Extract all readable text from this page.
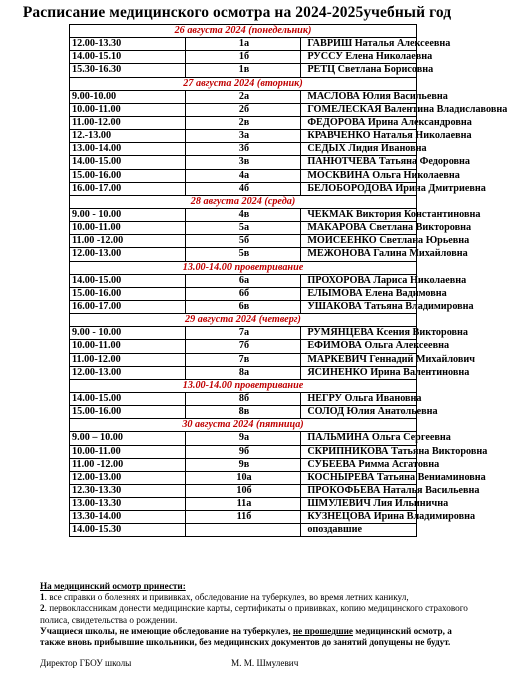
Расписание медицинского осмотра на 2024-2025учебный год
26 августа 2024 (понедельник)		
12.00-13.30	1а	ГАВРИШ Наталья Алексеевна
14.00-15.10	1б	РУССУ Елена Николаевна
15.30-16.30	1в	РЕТЦ Светлана Борисовна
27 августа 2024 (вторник)		
9.00-10.00	2а	МАСЛОВА Юлия Васильевна
10.00-11.00	2б	ГОМЕЛЕСКАЯ Валентина Владиславовна
11.00-12.00	2в	ФЕДОРОВА Ирина Александровна
12.-13.00	3а	КРАВЧЕНКО Наталья Николаевна
13.00-14.00	3б	СЕДЫХ Лидия Ивановна
14.00-15.00	3в	ПАНЮТЧЕВА Татьяна Федоровна
15.00-16.00	4а	МОСКВИНА Ольга Николаевна
16.00-17.00	4б	БЕЛОБОРОДОВА Ирина Дмитриевна
28 августа 2024 (среда)		
9.00 - 10.00	4в	ЧЕКМАК Виктория Константиновна
10.00-11.00	5а	МАКАРОВА Светлана Викторовна
11.00 -12.00	5б	МОИСЕЕНКО Светлана Юрьевна
12.00-13.00	5в	МЕЖОНОВА Галина Михайловна
13.00-14.00 проветривание		
14.00-15.00	6а	ПРОХОРОВА Лариса Николаевна
15.00-16.00	6б	ЕЛЫМОВА Елена Вадимовна
16.00-17.00	6в	УШАКОВА Татьяна Владимировна
29 августа 2024 (четверг)		
9.00 - 10.00	7а	РУМЯНЦЕВА Ксения Викторовна
10.00-11.00	7б	ЕФИМОВА Ольга Алексеевна
11.00-12.00	7в	МАРКЕВИЧ Геннадий Михайлович
12.00-13.00	8а	ЯСИНЕНКО Ирина Валентиновна
13.00-14.00 проветривание		
14.00-15.00	8б	НЕГРУ Ольга Ивановна
15.00-16.00	8в	СОЛОД Юлия Анатольевна
30 августа 2024 (пятница)		
9.00 – 10.00	9а	ПАЛЬМИНА Ольга Сергеевна
10.00-11.00	9б	СКРИПНИКОВА Татьяна Викторовна
11.00 -12.00	9в	СУБЕЕВА Римма Асгатовна
12.00-13.00	10а	КОСНЫРЕВА Татьяна Вениаминовна
12.30-13.30	10б	ПРОКОФЬЕВА Наталья Васильевна
13.00-13.30	11а	ШМУЛЕВИЧ Лия Ильинична
13.30-14.00	11б	КУЗНЕЦОВА Ирина Владимировна
14.00-15.30		опоздавшие
На медицинский осмотр принести:
1. все справки о болезнях и прививках, обследование на туберкулез, во время летних каникул,
2. первоклассникам донести медицинские карты, сертификаты о прививках, копию медицинского страхового полиса, свидетельства о рождении.
Учащиеся школы, не имеющие обследование на туберкулез, не прошедшие медицинский осмотр, а также вновь прибывшие школьники, без медицинских документов до занятий допущены не будут.
Директор ГБОУ школы	М. М. Шмулевич
